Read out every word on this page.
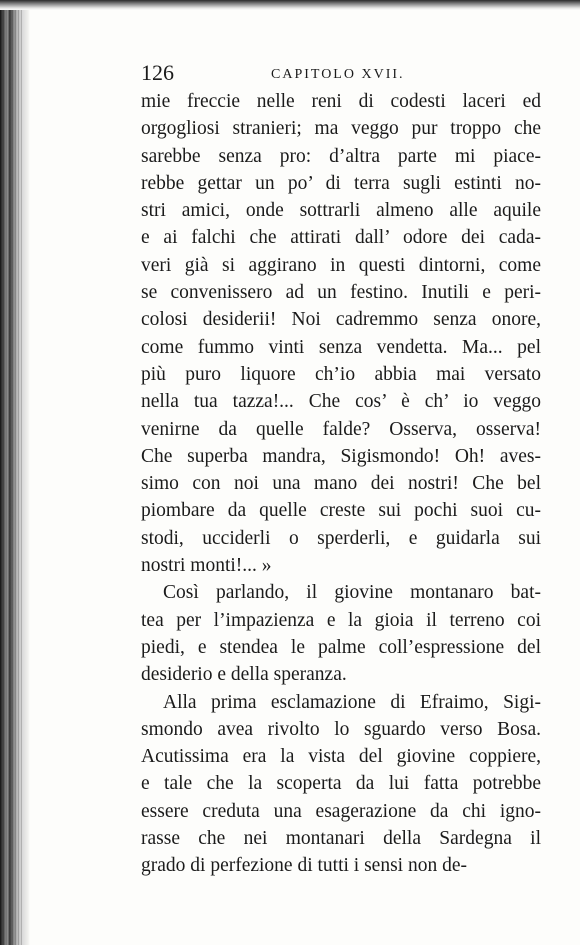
126	CAPITOLO XVII.
mie freccie nelle reni di codesti laceri ed
orgogliosi stranieri; ma veggo pur troppo che
sarebbe senza pro: d’altra parte mi piace-
rebbe gettar un po’ di terra sugli estinti no-
stri amici, onde sottrarli almeno alle aquile
e ai falchi che attirati dall’ odore dei cada-
veri già si aggirano in questi dintorni, come
se convenissero ad un festino. Inutili e peri-
colosi desiderii! Noi cadremmo senza onore,
come fummo vinti senza vendetta. Ma... pel
più puro liquore ch’io abbia mai versato
nella tua tazza!... Che cos’ è ch’ io veggo
venirne da quelle falde? Osserva, osserva!
Che superba mandra, Sigismondo! Oh! aves-
simo con noi una mano dei nostri! Che bel
piombare da quelle creste sui pochi suoi cu-
stodi, ucciderli o sperderli, e guidarla sui
nostri monti!... »
Così parlando, il giovine montanaro bat-
tea per l’impazienza e la gioia il terreno coi
piedi, e stendea le palme coll’espressione del
desiderio e della speranza.
Alla prima esclamazione di Efraimo, Sigi-
smondo avea rivolto lo sguardo verso Bosa.
Acutissima era la vista del giovine coppiere,
e tale che la scoperta da lui fatta potrebbe
essere creduta una esagerazione da chi igno-
rasse che nei montanari della Sardegna il
grado di perfezione di tutti i sensi non de-
